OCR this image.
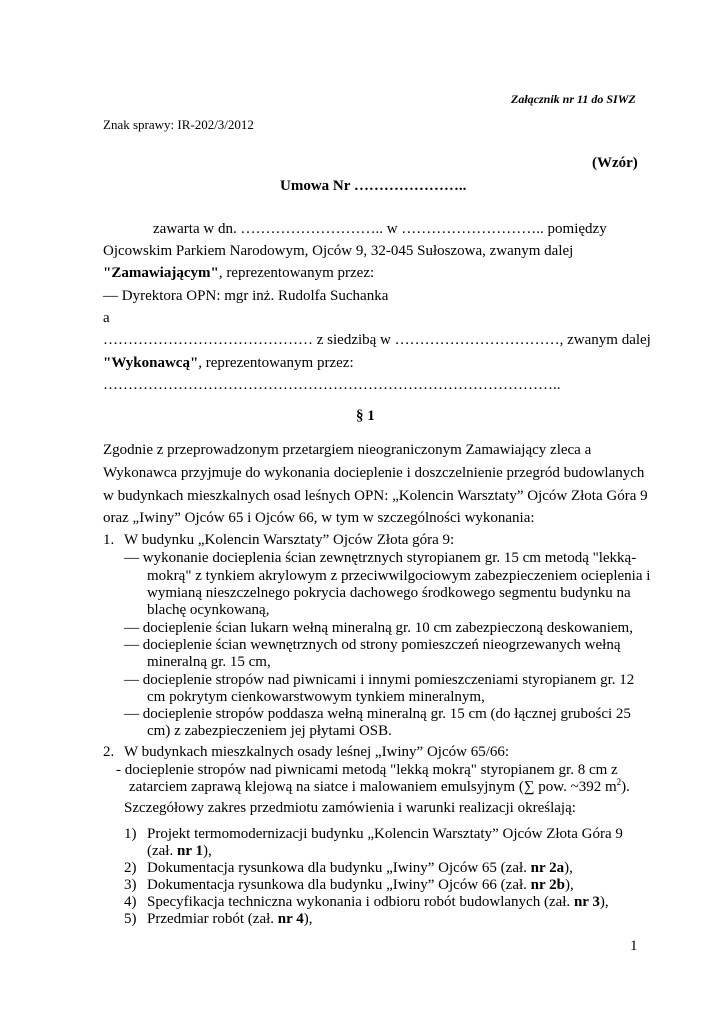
Załącznik nr 11 do SIWZ
Znak sprawy: IR-202/3/2012
(Wzór)
Umowa Nr …………………..
zawarta w dn. ……………………….. w ……………………….. pomiędzy
Ojcowskim Parkiem Narodowym, Ojców 9, 32-045 Sułoszowa, zwanym dalej
"Zamawiającym", reprezentowanym przez:
— Dyrektora OPN: mgr inż. Rudolfa Suchanka
a
…………………………………… z siedzibą w ……………………………, zwanym dalej
"Wykonawcą", reprezentowanym przez:
………………………………………………………………………………..
§ 1
Zgodnie z przeprowadzonym przetargiem nieograniczonym Zamawiający zleca a
Wykonawca przyjmuje do wykonania docieplenie i doszczelnienie przegród budowlanych
w budynkach mieszkalnych osad leśnych OPN: „Kolencin Warsztaty” Ojców Złota Góra 9
oraz „Iwiny” Ojców 65 i Ojców 66, w tym w szczególności wykonania:
1. W budynku „Kolencin Warsztaty” Ojców Złota góra 9:
— wykonanie docieplenia ścian zewnętrznych styropianem gr. 15 cm metodą "lekką-
mokrą" z tynkiem akrylowym z przeciwwilgociowym zabezpieczeniem ocieplenia i
wymianą nieszczelnego pokrycia dachowego środkowego segmentu budynku na
blachę ocynkowaną,
— docieplenie ścian lukarn wełną mineralną gr. 10 cm zabezpieczoną deskowaniem,
— docieplenie ścian wewnętrznych od strony pomieszczeń nieogrzewanych wełną
mineralną gr. 15 cm,
— docieplenie stropów nad piwnicami i innymi pomieszczeniami styropianem gr. 12
cm pokrytym cienkowarstwowym tynkiem mineralnym,
— docieplenie stropów poddasza wełną mineralną gr. 15 cm (do łącznej grubości 25
cm) z zabezpieczeniem jej płytami OSB.
2. W budynkach mieszkalnych osady leśnej „Iwiny” Ojców 65/66:
- docieplenie stropów nad piwnicami metodą "lekką mokrą" styropianem gr. 8 cm z
zatarciem zaprawą klejową na siatce i malowaniem emulsyjnym (∑ pow. ~392 $m^2$).
Szczegółowy zakres przedmiotu zamówienia i warunki realizacji określają:
1) Projekt termomodernizacji budynku „Kolencin Warsztaty” Ojców Złota Góra 9
(zał. nr 1),
2) Dokumentacja rysunkowa dla budynku „Iwiny” Ojców 65 (zał. nr 2a),
3) Dokumentacja rysunkowa dla budynku „Iwiny” Ojców 66 (zał. nr 2b),
4) Specyfikacja techniczna wykonania i odbioru robót budowlanych (zał. nr 3),
5) Przedmiar robót (zał. nr 4),
1
